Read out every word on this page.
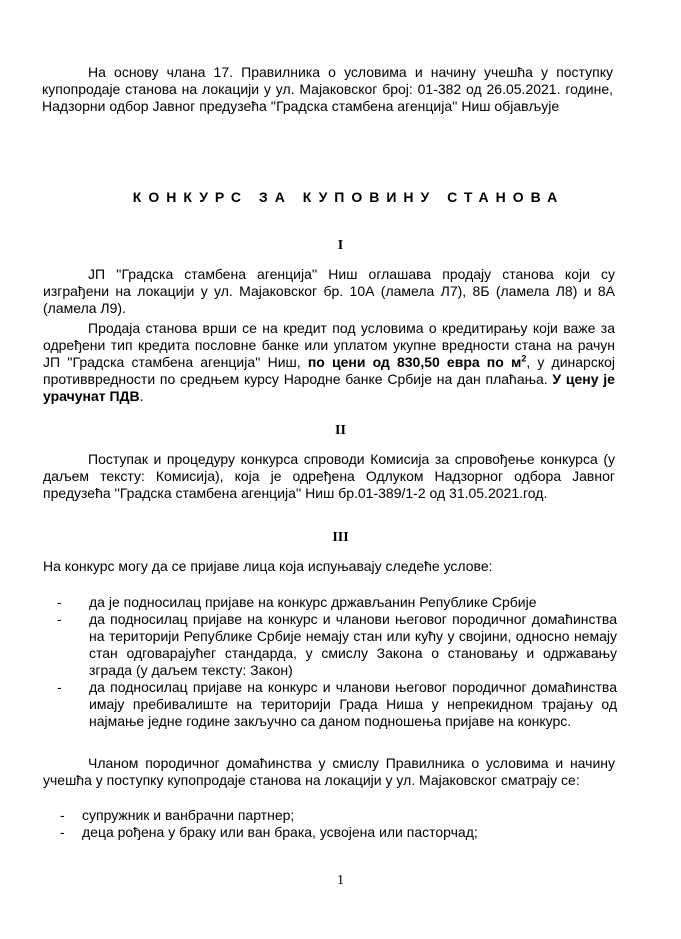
На основу члана 17. Правилника о условима и начину учешћа у поступку
купопродаје станова на локацији у ул. Мајаковског број: 01-382 од 26.05.2021. године, Надзорни одбор Јавног предузећа ''Градска стамбена агенција'' Ниш објављује

КОНКУРС ЗА КУПОВИНУ СТАНОВА
I

ЈП ''Градска стамбена агенција'' Ниш оглашава продају станова који су изграђени на локацији у ул. Мајаковског бр. 10А (ламела Л7), 8Б (ламела Л8) и 8А (ламела Л9).

Продаја станова врши се на кредит под условима о кредитирању који важе за одређени тип кредита пословне банке или уплатом укупне вредности стана на рачун ЈП ''Градска стамбена агенција'' Ниш, по цени од 830,50 евра по $м^2$, у динарској противвредности по средњем курсу Народне банке Србије на дан плаћања. У цену је урачунат ПДВ.

II

Поступак и процедуру конкурса спроводи Комисија за спровођење конкурса (у даљем тексту: Комисија), која је одређена Одлуком Надзорног одбора Јавног предузећа ''Градска стамбена агенција'' Ниш бр.01-389/1-2 од 31.05.2021.год.

III

На конкурс могу да се пријаве лица која испуњавају следеће услове:

- да је подносилац пријаве на конкурс држављанин Републике Србије
- да подносилац пријаве на конкурс и чланови његовог породичног домаћинства на територији Републике Србије немају стан или кућу у својини, односно немају стан одговарајућег стандарда, у смислу Закона о становању и одржавању зграда (у даљем тексту: Закон)
- да подносилац пријаве на конкурс и чланови његовог породичног домаћинства имају пребивалиште на територији Града Ниша у непрекидном трајању од најмање једне године закључно са даном подношења пријаве на конкурс.

Чланом породичног домаћинства у смислу Правилника о условима и начину учешћа у поступку купопродаје станова на локацији у ул. Мајаковског сматрају се:

- супружник и ванбрачни партнер;
- деца рођена у браку или ван брака, усвојена или пасторчад;
1
